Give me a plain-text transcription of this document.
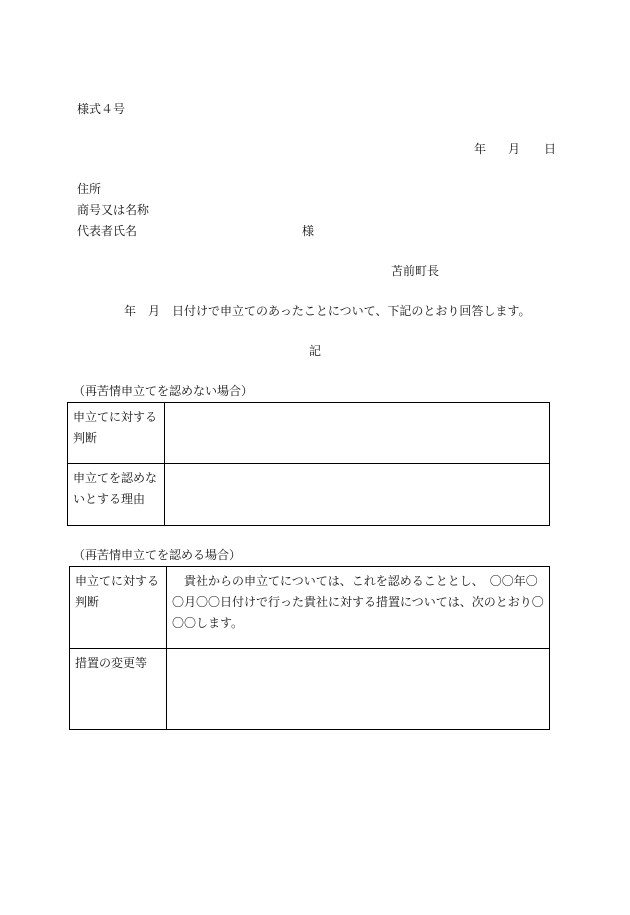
様式４号
年 月 日
住所
商号又は名称
代表者氏名	様
苫前町長
年 月 日付けで申立てのあったことについて、下記のとおり回答します。
記
（再苦情申立てを認めない場合）
申立てに対する判断	
申立てを認めないとする理由	
（再苦情申立てを認める場合）
申立てに対する判断	貴社からの申立てについては、これを認めることとし、　〇〇年〇〇月〇〇日付けで行った貴社に対する措置については、次のとおり〇〇〇します。
措置の変更等	
